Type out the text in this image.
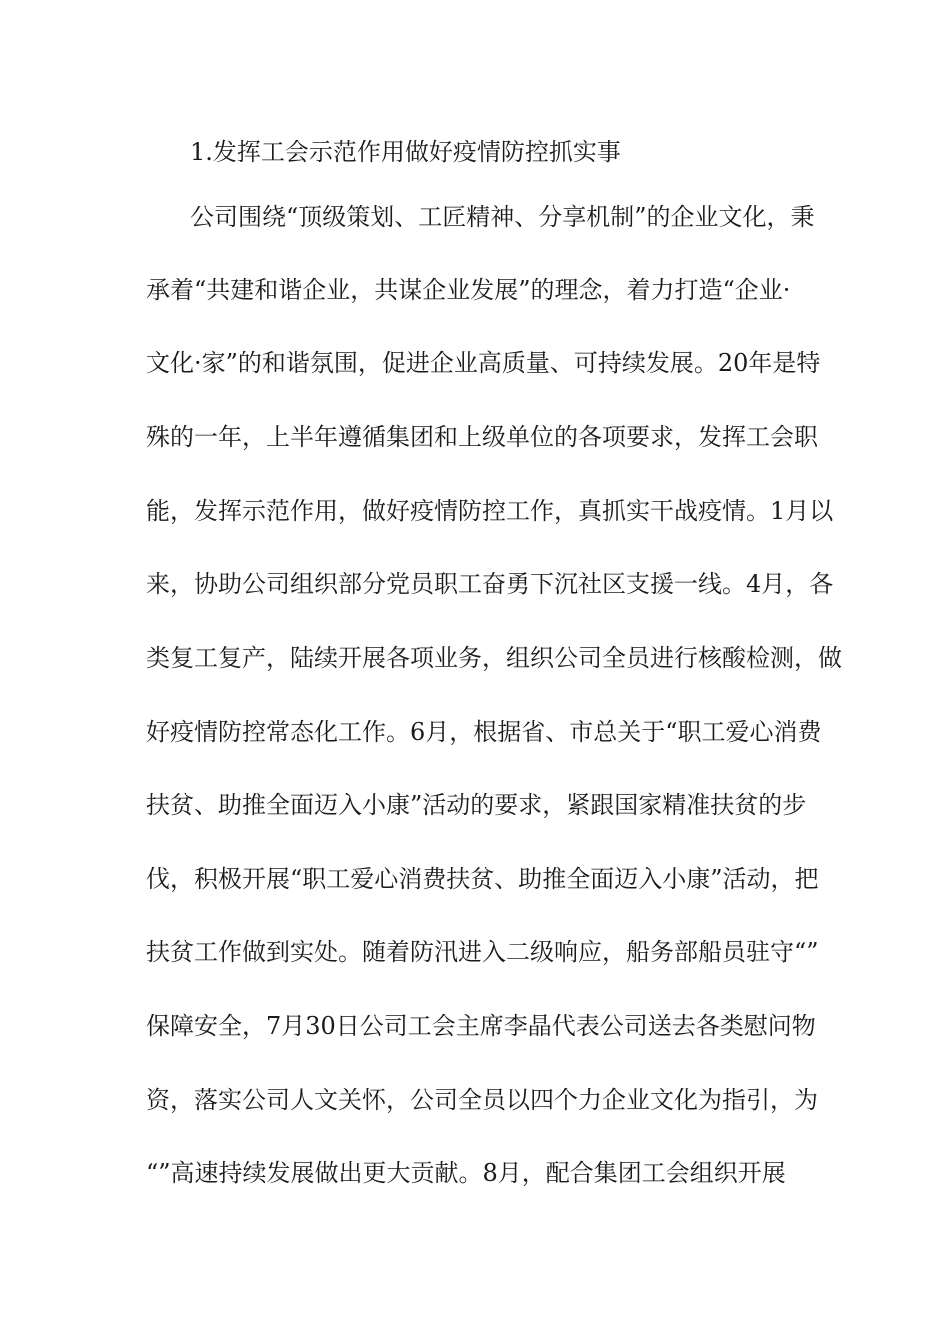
1.发挥工会示范作用做好疫情防控抓实事
公司围绕“顶级策划、工匠精神、分享机制”的企业文化，秉
承着“共建和谐企业，共谋企业发展”的理念，着力打造“企业·
文化·家”的和谐氛围，促进企业高质量、可持续发展。20年是特
殊的一年，上半年遵循集团和上级单位的各项要求，发挥工会职
能，发挥示范作用，做好疫情防控工作，真抓实干战疫情。1月以
来，协助公司组织部分党员职工奋勇下沉社区支援一线。4月，各
类复工复产，陆续开展各项业务，组织公司全员进行核酸检测，做
好疫情防控常态化工作。6月，根据省、市总关于“职工爱心消费
扶贫、助推全面迈入小康”活动的要求，紧跟国家精准扶贫的步
伐，积极开展“职工爱心消费扶贫、助推全面迈入小康”活动，把
扶贫工作做到实处。随着防汛进入二级响应，船务部船员驻守“”
保障安全，7月30日公司工会主席李晶代表公司送去各类慰问物
资，落实公司人文关怀，公司全员以四个力企业文化为指引，为
“”高速持续发展做出更大贡献。8月，配合集团工会组织开展
